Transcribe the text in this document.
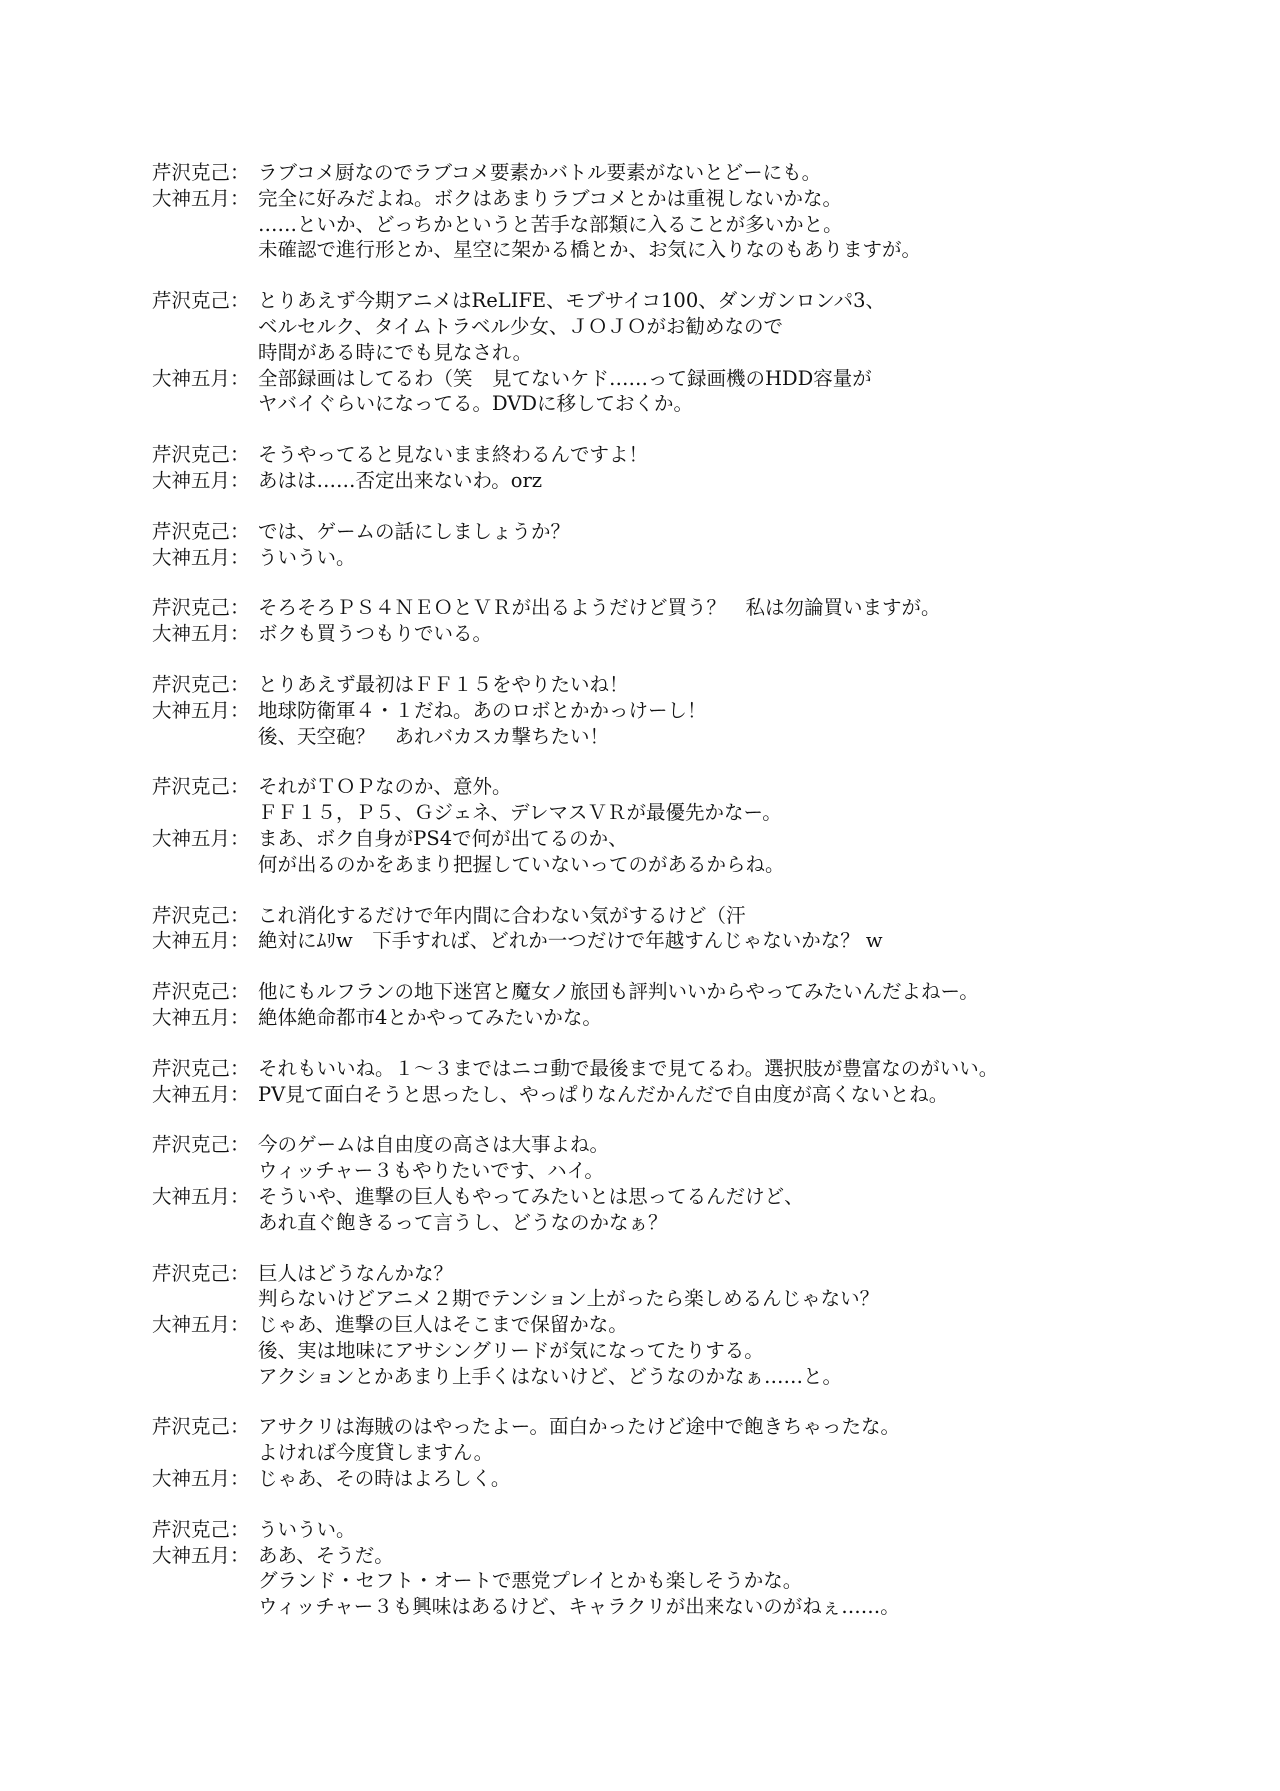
芹沢克己： ラブコメ厨なのでラブコメ要素かバトル要素がないとどーにも。
大神五月： 完全に好みだよね。ボクはあまりラブコメとかは重視しないかな。
……といか、どっちかというと苦手な部類に入ることが多いかと。
未確認で進行形とか、星空に架かる橋とか、お気に入りなのもありますが。
芹沢克己： とりあえず今期アニメはReLIFE、モブサイコ100、ダンガンロンパ3、
ベルセルク、タイムトラベル少女、ＪＯＪＯがお勧めなので
時間がある時にでも見なされ。
大神五月： 全部録画はしてるわ（笑　見てないケド……って録画機のHDD容量が
ヤバイぐらいになってる。DVDに移しておくか。
芹沢克己： そうやってると見ないまま終わるんですよ！
大神五月： あはは……否定出来ないわ。orz
芹沢克己： では、ゲームの話にしましょうか？
大神五月： ういうい。
芹沢克己： そろそろＰＳ４ＮＥＯとＶＲが出るようだけど買う？　私は勿論買いますが。
大神五月： ボクも買うつもりでいる。
芹沢克己： とりあえず最初はＦＦ１５をやりたいね！
大神五月： 地球防衛軍４・１だね。あのロボとかかっけーし！
後、天空砲？　あれバカスカ撃ちたい！
芹沢克己： それがＴＯＰなのか、意外。
ＦＦ１５，Ｐ５、Ｇジェネ、デレマスＶＲが最優先かなー。
大神五月： まあ、ボク自身がPS4で何が出てるのか、
何が出るのかをあまり把握していないってのがあるからね。
芹沢克己： これ消化するだけで年内間に合わない気がするけど（汗
大神五月： 絶対にﾑﾘw　下手すれば、どれか一つだけで年越すんじゃないかな？ w
芹沢克己： 他にもルフランの地下迷宮と魔女ノ旅団も評判いいからやってみたいんだよねー。
大神五月： 絶体絶命都市4とかやってみたいかな。
芹沢克己： それもいいね。１～３まではニコ動で最後まで見てるわ。選択肢が豊富なのがいい。
大神五月： PV見て面白そうと思ったし、やっぱりなんだかんだで自由度が高くないとね。
芹沢克己： 今のゲームは自由度の高さは大事よね。
ウィッチャー３もやりたいです、ハイ。
大神五月： そういや、進撃の巨人もやってみたいとは思ってるんだけど、
あれ直ぐ飽きるって言うし、どうなのかなぁ？
芹沢克己： 巨人はどうなんかな？
判らないけどアニメ２期でテンション上がったら楽しめるんじゃない？
大神五月： じゃあ、進撃の巨人はそこまで保留かな。
後、実は地味にアサシングリードが気になってたりする。
アクションとかあまり上手くはないけど、どうなのかなぁ……と。
芹沢克己： アサクリは海賊のはやったよー。面白かったけど途中で飽きちゃったな。
よければ今度貸しますん。
大神五月： じゃあ、その時はよろしく。
芹沢克己： ういうい。
大神五月： ああ、そうだ。
グランド・セフト・オートで悪党プレイとかも楽しそうかな。
ウィッチャー３も興味はあるけど、キャラクリが出来ないのがねぇ……。
